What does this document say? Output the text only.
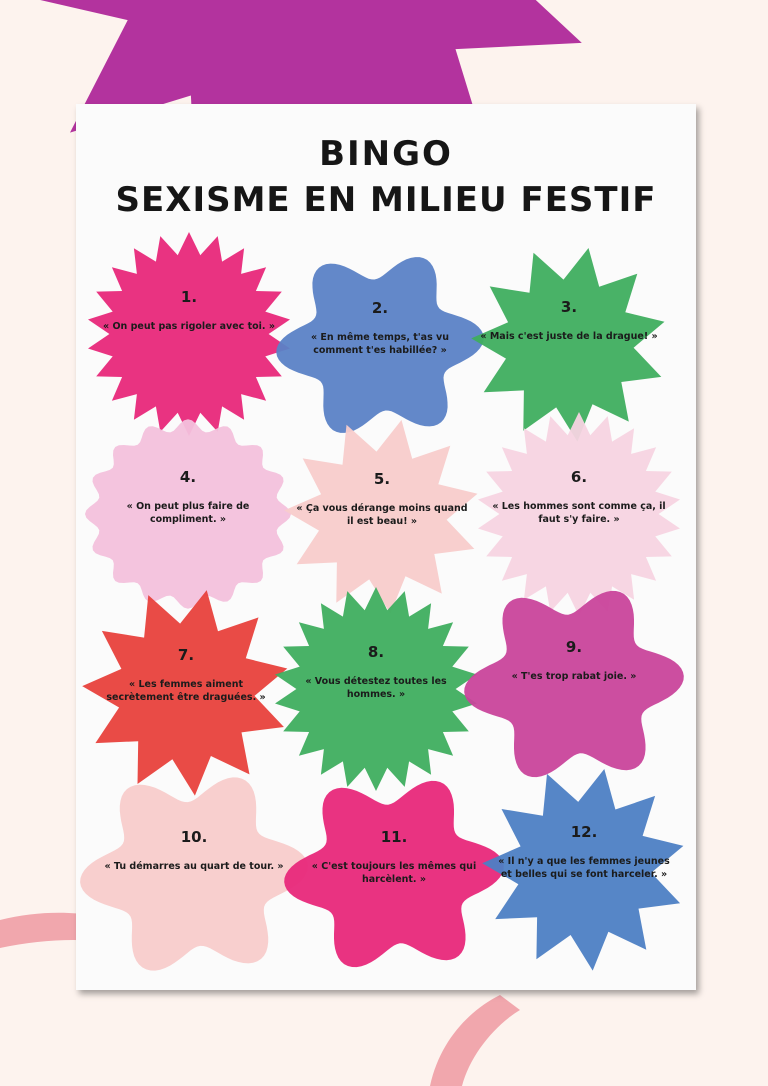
BINGO
SEXISME EN MILIEU FESTIF
1.
« On peut pas rigoler avec toi. »
2.
« En même temps, t'as vu comment t'es habillée? »
3.
« Mais c'est juste de la drague! »
4.
« On peut plus faire de compliment. »
5.
« Ça vous dérange moins quand il est beau! »
6.
« Les hommes sont comme ça, il faut s'y faire. »
7.
« Les femmes aiment secrètement être draguées. »
8.
« Vous détestez toutes les hommes. »
9.
« T'es trop rabat joie. »
10.
« Tu démarres au quart de tour. »
11.
« C'est toujours les mêmes qui harcèlent. »
12.
« Il n'y a que les femmes jeunes et belles qui se font harceler. »
